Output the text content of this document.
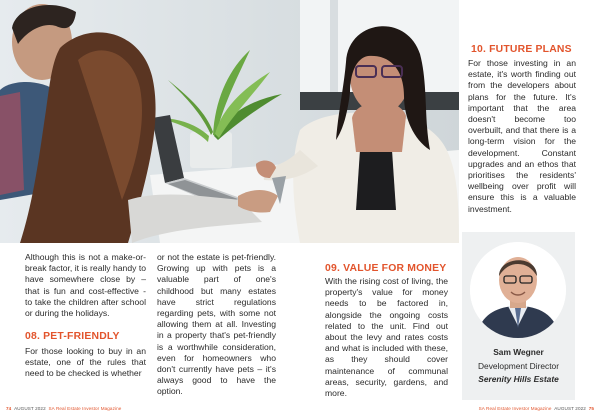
10. FUTURE PLANS

For those investing in an estate, it's worth finding out from the developers about plans for the future. It's important that the area doesn't become too overbuilt, and that there is a long-term vision for the development. Constant upgrades and an ethos that prioritises the residents' wellbeing over profit will ensure this is a valuable investment.

Sam Wegner
Development Director
Serenity Hills Estate

Although this is not a make-or-break factor, it is really handy to have somewhere close by – that is fun and cost-effective - to take the children after school or during the holidays.

08. PET-FRIENDLY

For those looking to buy in an estate, one of the rules that need to be checked is whether

or not the estate is pet-friendly. Growing up with pets is a valuable part of one's childhood but many estates have strict regulations regarding pets, with some not allowing them at all. Investing in a property that's pet-friendly is a worthwhile consideration, even for homeowners who don't currently have pets – it's always good to have the option.

09. VALUE FOR MONEY

With the rising cost of living, the property's value for money needs to be factored in, alongside the ongoing costs related to the unit. Find out about the levy and rates costs and what is included with these, as they should cover maintenance of communal areas, security, gardens, and more.

74 AUGUST 2022 SA Real Estate Investor Magazine	SA Real Estate Investor Magazine AUGUST 2022 75
